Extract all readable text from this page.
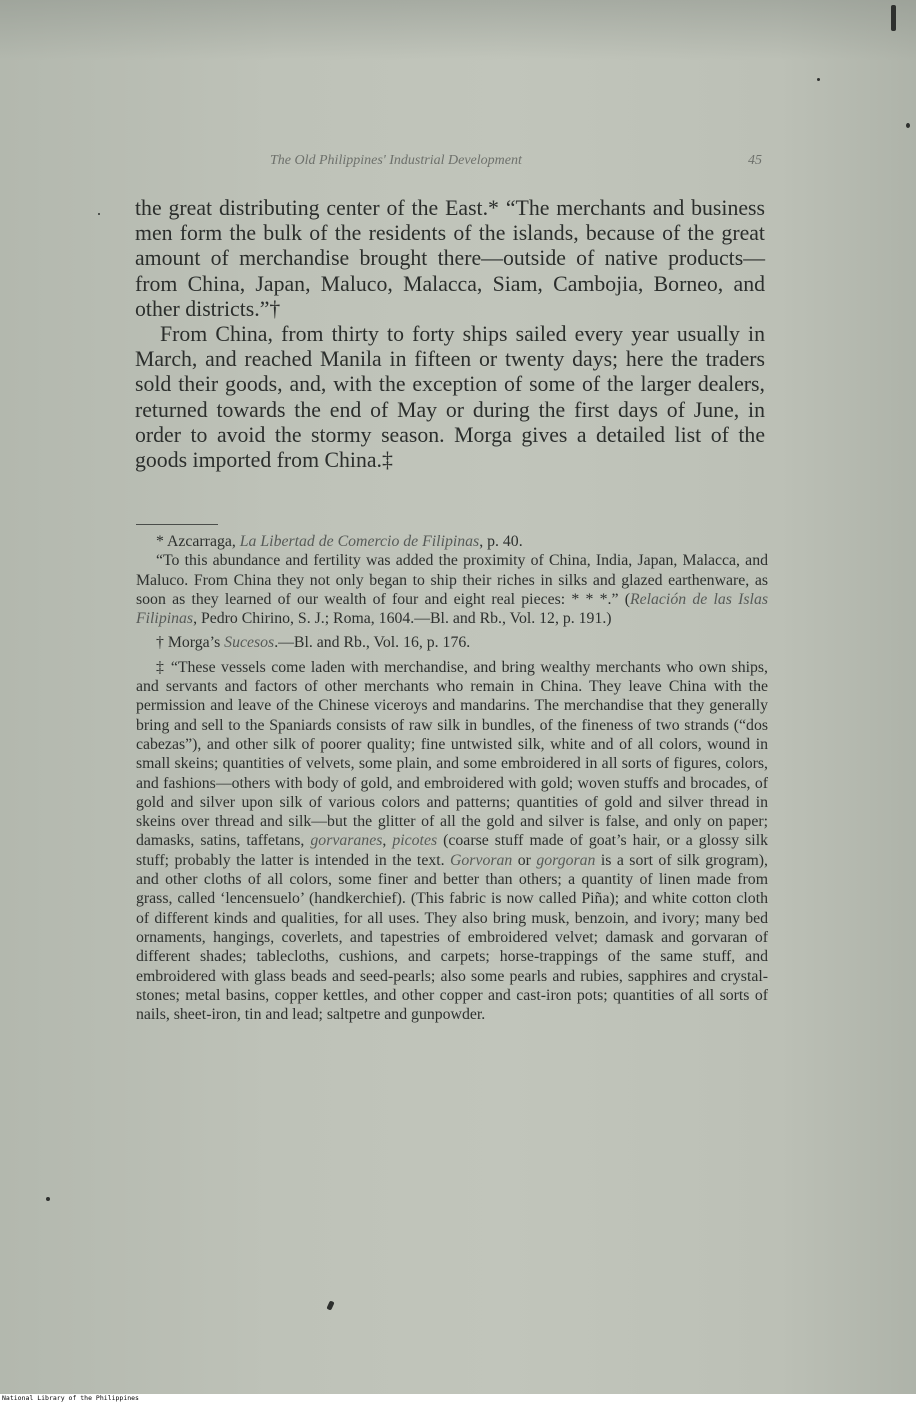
The Old Philippines' Industrial Development	45

the great distributing center of the East.* “The merchants and business men form the bulk of the residents of the islands, because of the great amount of merchandise brought there—outside of native products—from China, Japan, Maluco, Malacca, Siam, Cambojia, Borneo, and other districts.”†

From China, from thirty to forty ships sailed every year usually in March, and reached Manila in fifteen or twenty days; here the traders sold their goods, and, with the exception of some of the larger dealers, returned towards the end of May or during the first days of June, in order to avoid the stormy season. Morga gives a detailed list of the goods imported from China.‡

* Azcarraga, La Libertad de Comercio de Filipinas, p. 40.

“To this abundance and fertility was added the proximity of China, India, Japan, Malacca, and Maluco. From China they not only began to ship their riches in silks and glazed earthenware, as soon as they learned of our wealth of four and eight real pieces: * * *.” (Relación de las Islas Filipinas, Pedro Chirino, S. J.; Roma, 1604.—Bl. and Rb., Vol. 12, p. 191.)

† Morga’s Sucesos.—Bl. and Rb., Vol. 16, p. 176.

‡ “These vessels come laden with merchandise, and bring wealthy merchants who own ships, and servants and factors of other merchants who remain in China. They leave China with the permission and leave of the Chinese viceroys and mandarins. The merchandise that they generally bring and sell to the Spaniards consists of raw silk in bundles, of the fineness of two strands (“dos cabezas”), and other silk of poorer quality; fine untwisted silk, white and of all colors, wound in small skeins; quantities of velvets, some plain, and some embroidered in all sorts of figures, colors, and fashions—others with body of gold, and embroidered with gold; woven stuffs and brocades, of gold and silver upon silk of various colors and patterns; quantities of gold and silver thread in skeins over thread and silk—but the glitter of all the gold and silver is false, and only on paper; damasks, satins, taffetans, gorvaranes, picotes (coarse stuff made of goat’s hair, or a glossy silk stuff; probably the latter is intended in the text. Gorvoran or gorgoran is a sort of silk grogram), and other cloths of all colors, some finer and better than others; a quantity of linen made from grass, called ‘lencensuelo’ (handkerchief). (This fabric is now called Piña); and white cotton cloth of different kinds and qualities, for all uses. They also bring musk, benzoin, and ivory; many bed ornaments, hangings, coverlets, and tapestries of embroidered velvet; damask and gorvaran of different shades; tablecloths, cushions, and carpets; horse-trappings of the same stuff, and embroidered with glass beads and seed-pearls; also some pearls and rubies, sapphires and crystal-stones; metal basins, copper kettles, and other copper and cast-iron pots; quantities of all sorts of nails, sheet-iron, tin and lead; saltpetre and gunpowder.

National Library of the Philippines
